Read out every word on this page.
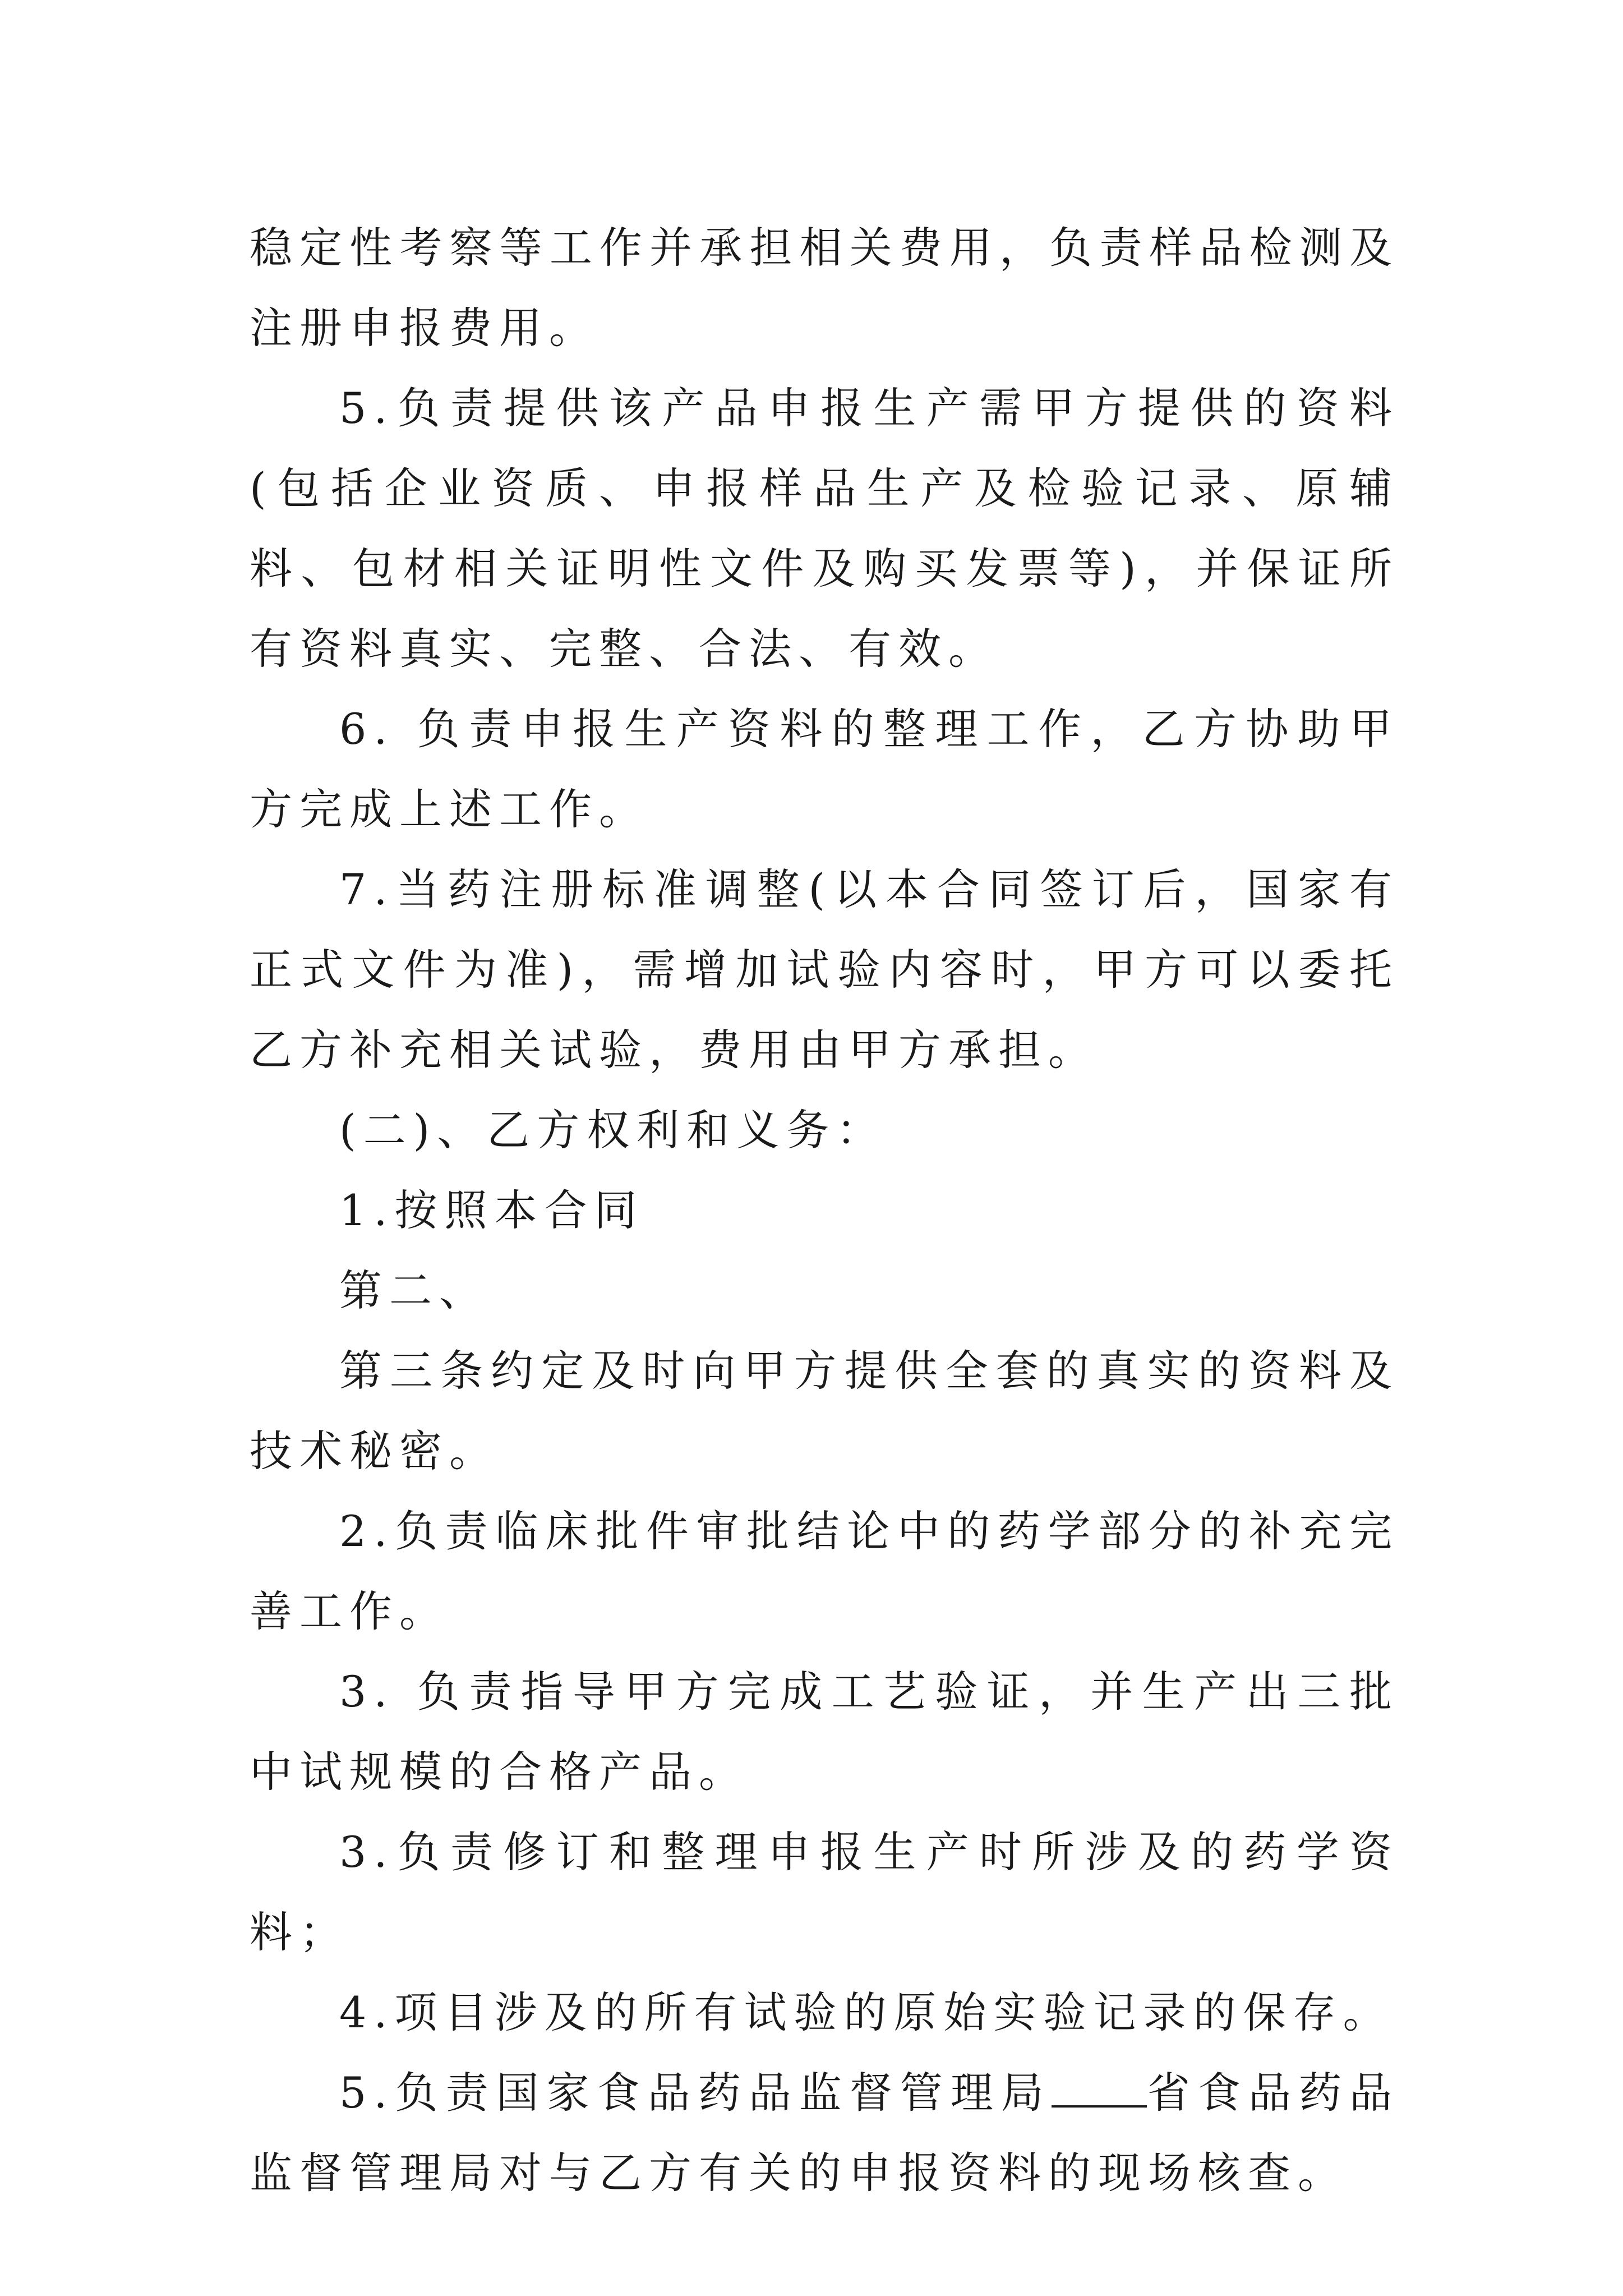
稳定性考察等工作并承担相关费用，负责样品检测及注册申报费用。

5.负责提供该产品申报生产需甲方提供的资料(包括企业资质、申报样品生产及检验记录、原辅料、包材相关证明性文件及购买发票等)，并保证所有资料真实、完整、合法、有效。

6. 负责申报生产资料的整理工作，乙方协助甲方完成上述工作。

7.当药注册标准调整(以本合同签订后，国家有正式文件为准)，需增加试验内容时，甲方可以委托乙方补充相关试验，费用由甲方承担。

(二)、乙方权利和义务：

1.按照本合同

第二、

第三条约定及时向甲方提供全套的真实的资料及技术秘密。

2.负责临床批件审批结论中的药学部分的补充完善工作。

3. 负责指导甲方完成工艺验证，并生产出三批中试规模的合格产品。

3.负责修订和整理申报生产时所涉及的药学资料；

4.项目涉及的所有试验的原始实验记录的保存。

5.负责国家食品药品监督管理局 省食品药品监督管理局对与乙方有关的申报资料的现场核查。
